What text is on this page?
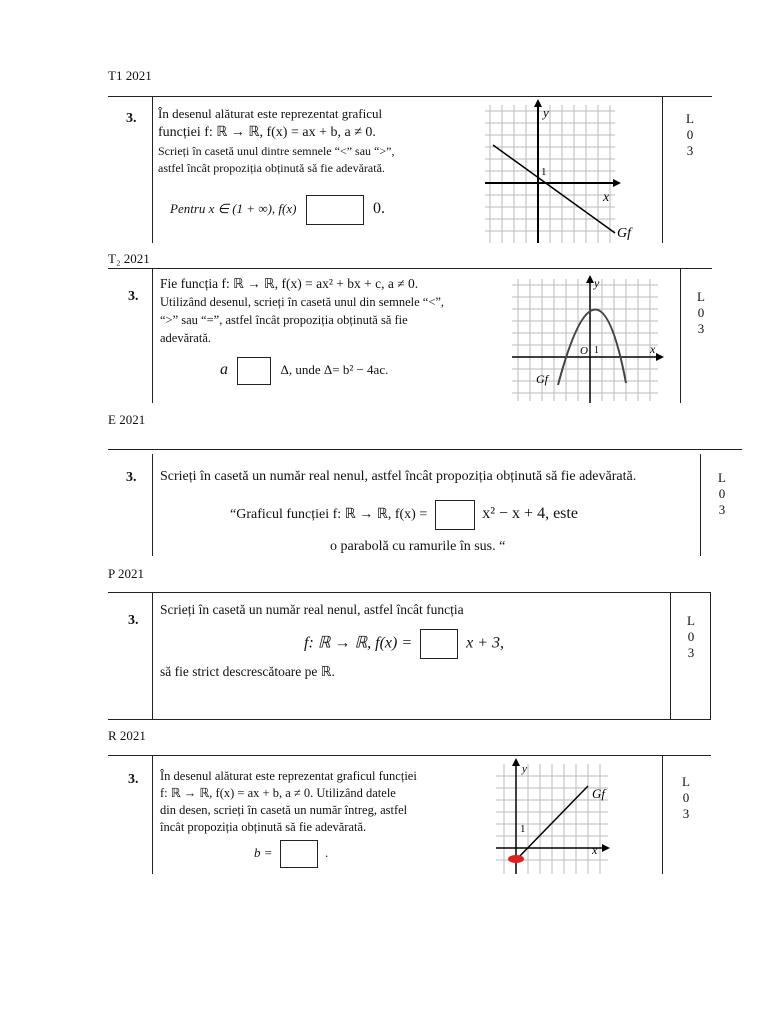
T1 2021
3. În desenul alăturat este reprezentat graficul
funcției f: ℝ → ℝ, f(x) = ax + b, a ≠ 0.
Scrieți în casetă unul dintre semnele “<” sau “>”,
astfel încât propoziția obținută să fie adevărată.
Pentru x ∈ (1 + ∞), f(x)	0.
y
x
1
Gf
L
0
3
T₂ 2021
3.
Fie funcția f: ℝ → ℝ, f(x) = ax² + bx + c, a ≠ 0.
Utilizând desenul, scrieți în casetă unul din semnele “<”,
“>” sau “=”, astfel încât propoziția obținută să fie
adevărată.
a	Δ, unde Δ= b² − 4ac.
y
x
1
O
Gf
L
0
3
E 2021
3. Scrieți în casetă un număr real nenul, astfel încât propoziția obținută să fie adevărată.
“Graficul funcției f: ℝ → ℝ, f(x) =	x² − x + 4, este
o parabolă cu ramurile în sus. “
L
0
3
P 2021
3.
Scrieți în casetă un număr real nenul, astfel încât funcția
f: ℝ → ℝ, f(x) =	x + 3,
să fie strict descrescătoare pe ℝ.
L
0
3
R 2021
3. În desenul alăturat este reprezentat graficul funcției
f: ℝ → ℝ, f(x) = ax + b, a ≠ 0. Utilizând datele
din desen, scrieți în casetă un număr întreg, astfel
încât propoziția obținută să fie adevărată.
b =	.
y
x
1
Gf
L
0
3
